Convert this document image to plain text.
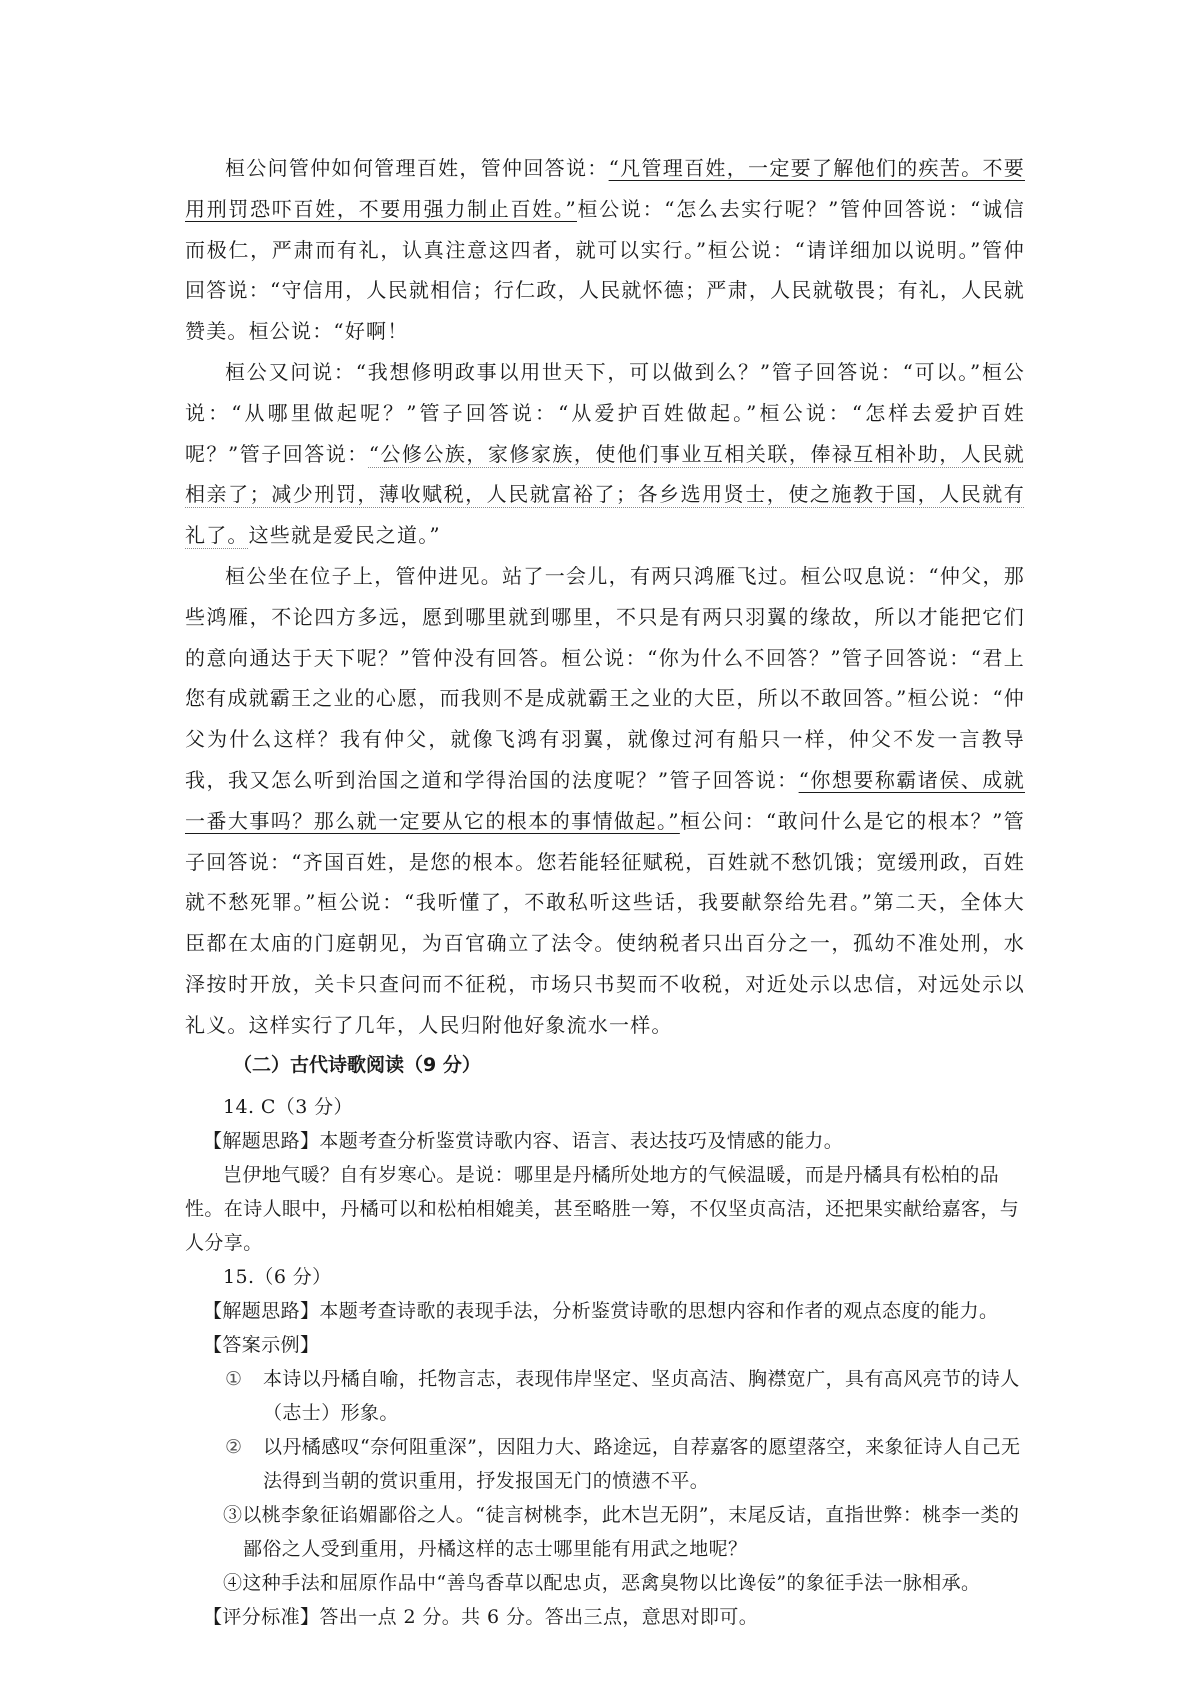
桓公问管仲如何管理百姓，管仲回答说：“凡管理百姓，一定要了解他们的疾苦。不要用刑罚恐吓百姓，不要用强力制止百姓。”桓公说：“怎么去实行呢？”管仲回答说：“诚信而极仁，严肃而有礼，认真注意这四者，就可以实行。”桓公说：“请详细加以说明。”管仲回答说：“守信用，人民就相信；行仁政，人民就怀德；严肃，人民就敬畏；有礼，人民就赞美。桓公说：“好啊！

桓公又问说：“我想修明政事以用世天下，可以做到么？”管子回答说：“可以。”桓公说：“从哪里做起呢？”管子回答说：“从爱护百姓做起。”桓公说：“怎样去爱护百姓呢？”管子回答说：“公修公族，家修家族，使他们事业互相关联，俸禄互相补助，人民就相亲了；减少刑罚，薄收赋税，人民就富裕了；各乡选用贤士，使之施教于国，人民就有礼了。这些就是爱民之道。”

桓公坐在位子上，管仲进见。站了一会儿，有两只鸿雁飞过。桓公叹息说：“仲父，那些鸿雁，不论四方多远，愿到哪里就到哪里，不只是有两只羽翼的缘故，所以才能把它们的意向通达于天下呢？”管仲没有回答。桓公说：“你为什么不回答？”管子回答说：“君上您有成就霸王之业的心愿，而我则不是成就霸王之业的大臣，所以不敢回答。”桓公说：“仲父为什么这样？我有仲父，就像飞鸿有羽翼，就像过河有船只一样，仲父不发一言教导我，我又怎么听到治国之道和学得治国的法度呢？”管子回答说：“你想要称霸诸侯、成就一番大事吗？那么就一定要从它的根本的事情做起。”桓公问：“敢问什么是它的根本？”管子回答说：“齐国百姓，是您的根本。您若能轻征赋税，百姓就不愁饥饿；宽缓刑政，百姓就不愁死罪。”桓公说：“我听懂了，不敢私听这些话，我要献祭给先君。”第二天，全体大臣都在太庙的门庭朝见，为百官确立了法令。使纳税者只出百分之一，孤幼不准处刑，水泽按时开放，关卡只查问而不征税，市场只书契而不收税，对近处示以忠信，对远处示以礼义。这样实行了几年，人民归附他好象流水一样。

（二）古代诗歌阅读（9 分）

14. C（3 分）

【解题思路】本题考查分析鉴赏诗歌内容、语言、表达技巧及情感的能力。

岂伊地气暖？自有岁寒心。是说：哪里是丹橘所处地方的气候温暖，而是丹橘具有松柏的品性。在诗人眼中，丹橘可以和松柏相媲美，甚至略胜一筹，不仅坚贞高洁，还把果实献给嘉客，与人分享。

15.（6 分）

【解题思路】本题考查诗歌的表现手法，分析鉴赏诗歌的思想内容和作者的观点态度的能力。

【答案示例】

① 本诗以丹橘自喻，托物言志，表现伟岸坚定、坚贞高洁、胸襟宽广，具有高风亮节的诗人（志士）形象。

② 以丹橘感叹“奈何阻重深”，因阻力大、路途远，自荐嘉客的愿望落空，来象征诗人自己无法得到当朝的赏识重用，抒发报国无门的愤懑不平。

③以桃李象征谄媚鄙俗之人。“徒言树桃李，此木岂无阴”，末尾反诘，直指世弊：桃李一类的鄙俗之人受到重用，丹橘这样的志士哪里能有用武之地呢？

④这种手法和屈原作品中“善鸟香草以配忠贞，恶禽臭物以比谗佞”的象征手法一脉相承。

【评分标准】答出一点 2 分。共 6 分。答出三点，意思对即可。
